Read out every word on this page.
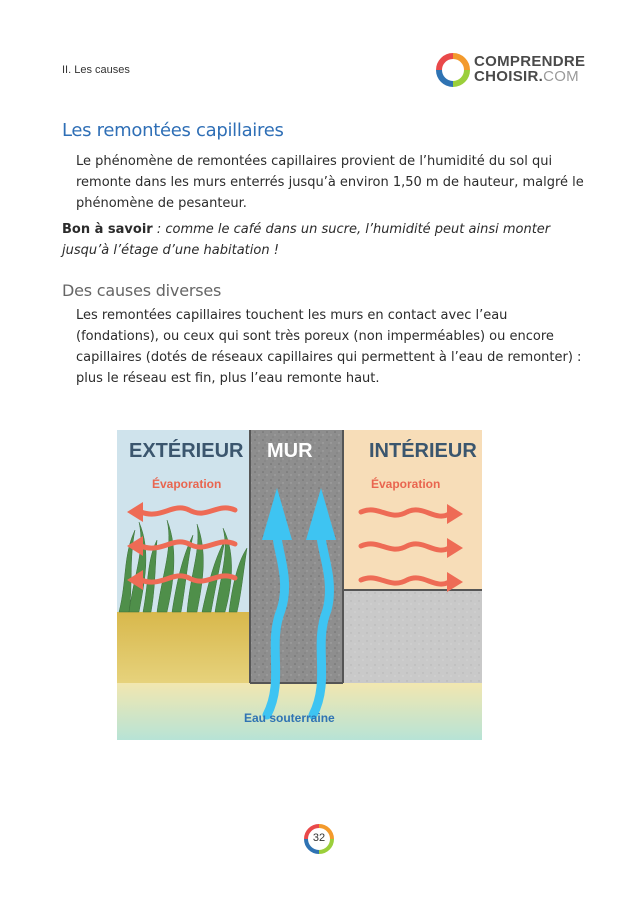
II. Les causes	COMPRENDRE
CHOISIR.COM
Les remontées capillaires

Le phénomène de remontées capillaires provient de l’humidité du sol qui remonte dans les murs enterrés jusqu’à environ 1,50 m de hauteur, malgré le phénomène de pesanteur.

Bon à savoir : comme le café dans un sucre, l’humidité peut ainsi monter jusqu’à l’étage d’une habitation !

Des causes diverses

Les remontées capillaires touchent les murs en contact avec l’eau (fondations), ou ceux qui sont très poreux (non imperméables) ou encore capillaires (dotés de réseaux capillaires qui permettent à l’eau de remonter) : plus le réseau est fin, plus l’eau remonte haut.

EXTÉRIEUR MUR	INTÉRIEUR
Évaporation	Évaporation
Eau souterraine
32
